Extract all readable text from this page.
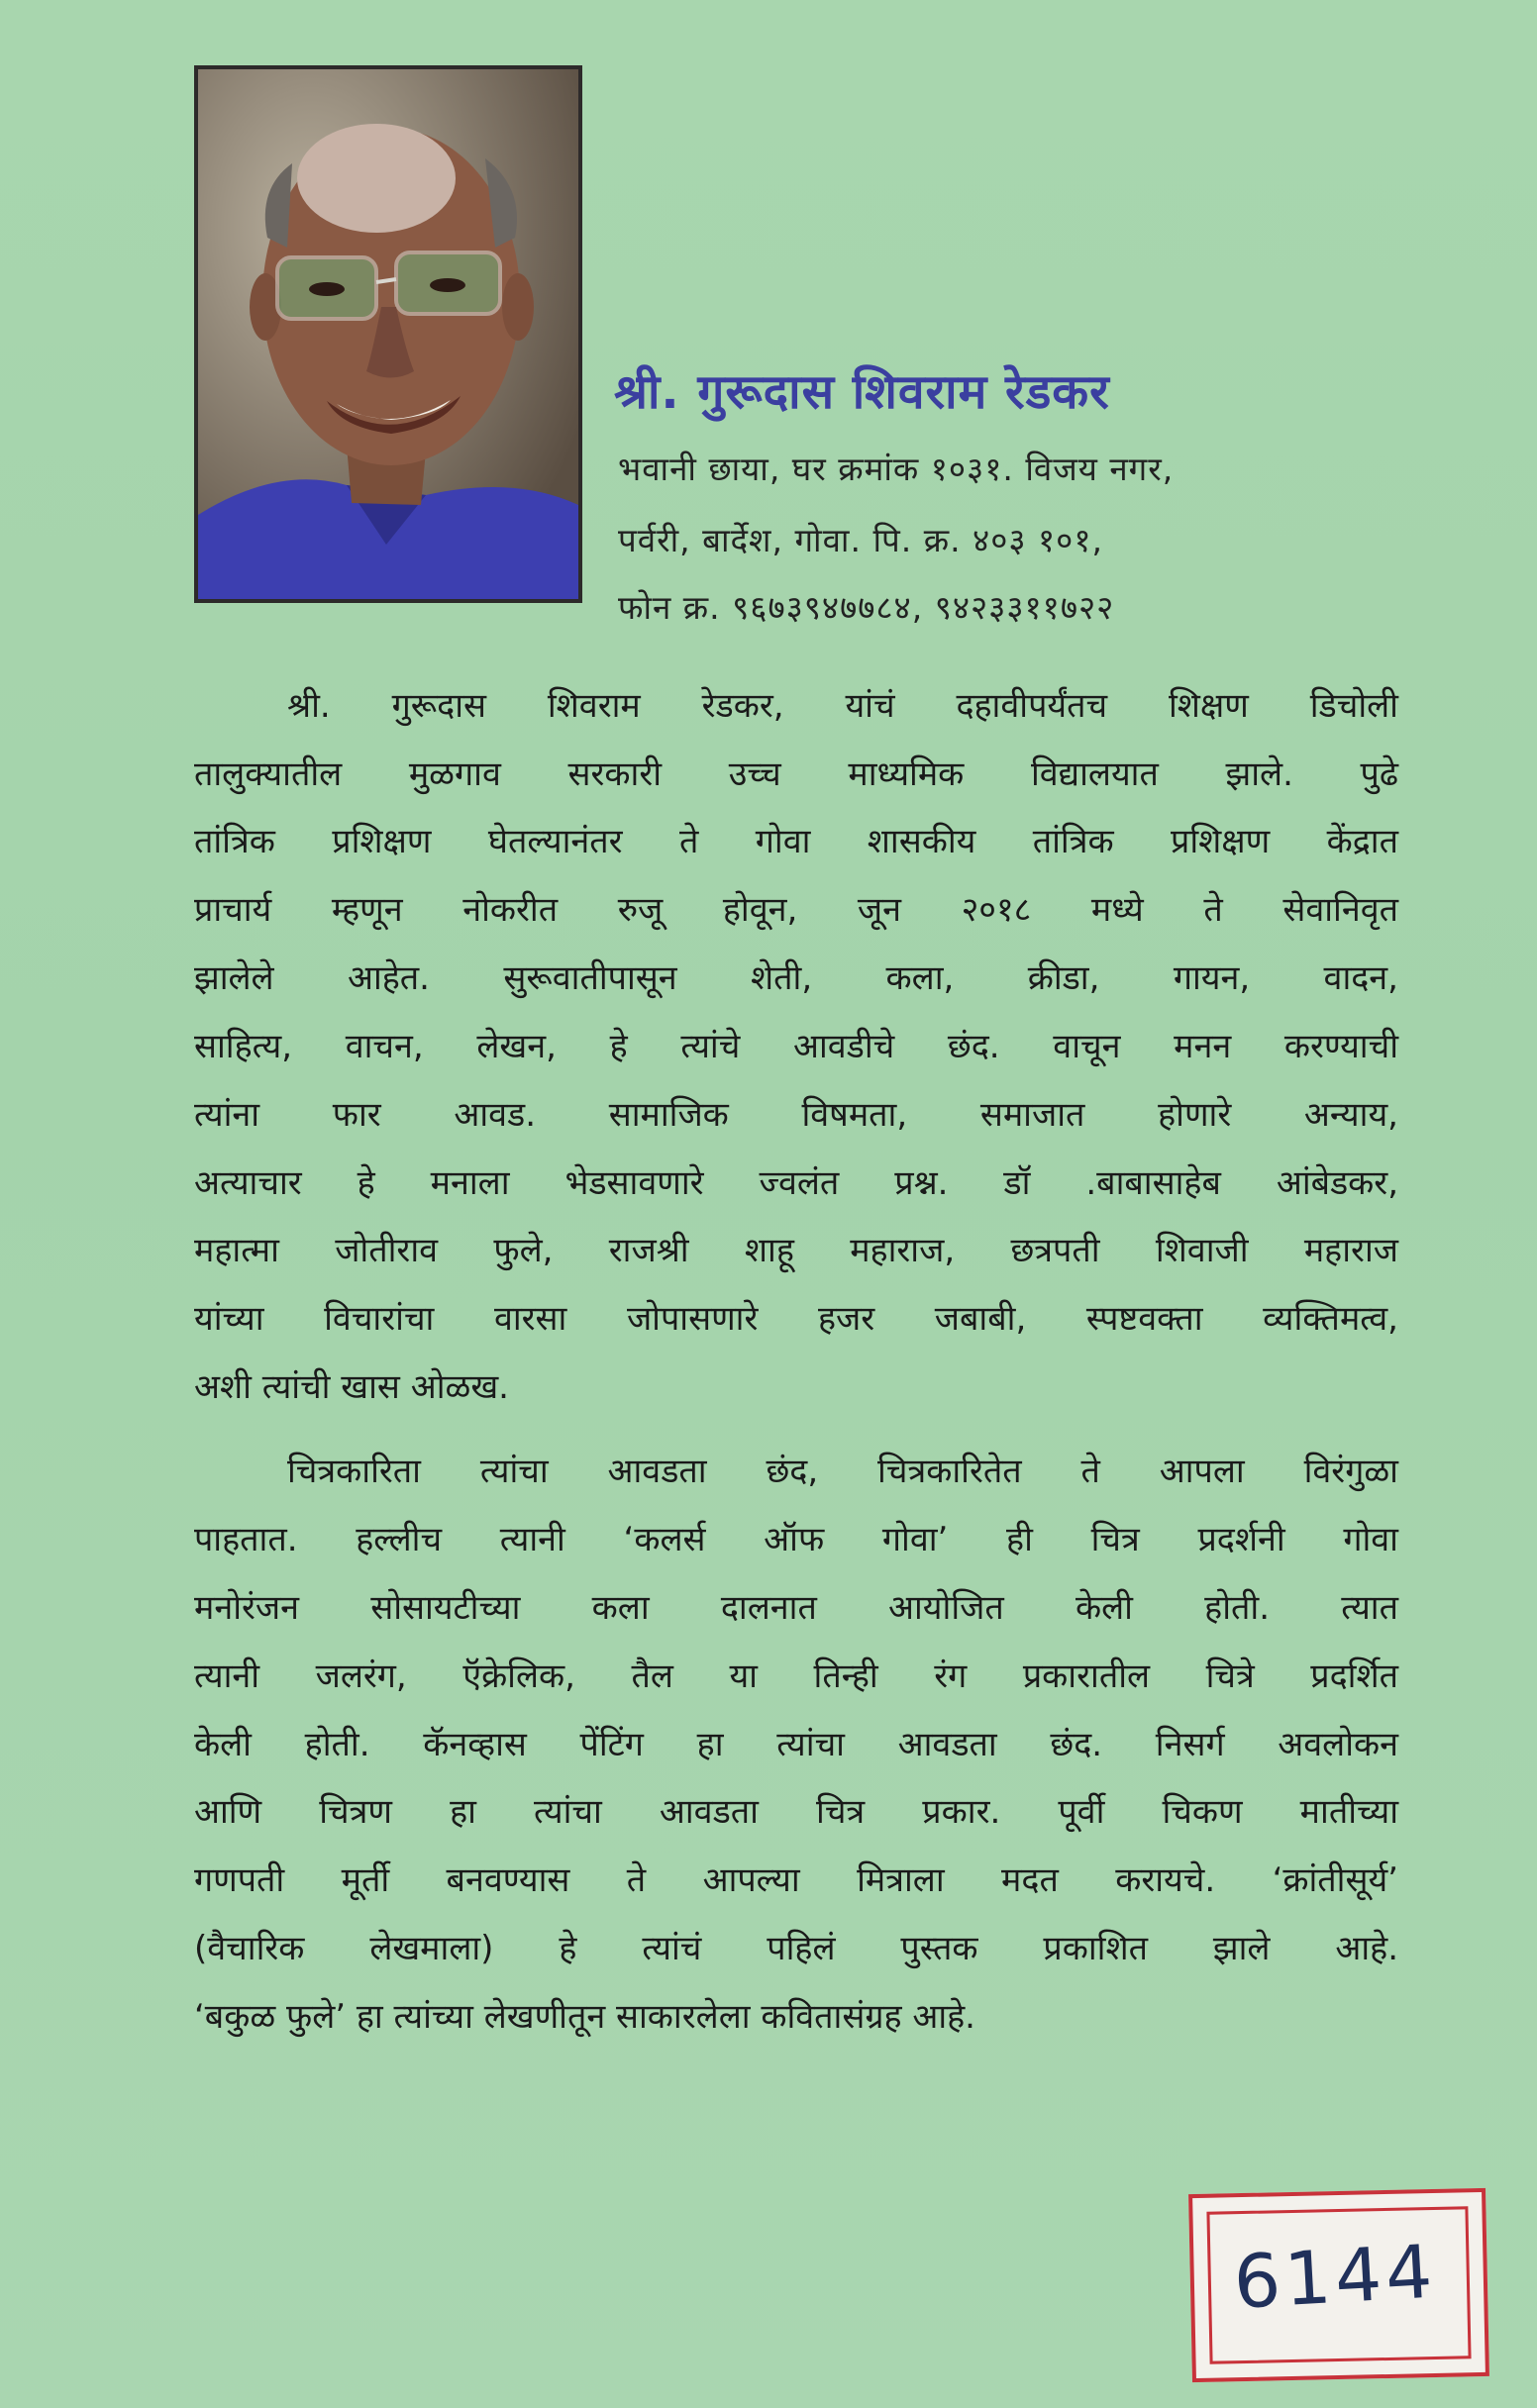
श्री. गुरूदास शिवराम रेडकर
भवानी छाया, घर क्रमांक १०३१. विजय नगर,
पर्वरी, बार्देश, गोवा. पि. क्र. ४०३ १०१,
फोन क्र. ९६७३९४७७८४, ९४२३३११७२२
श्री. गुरूदास शिवराम रेडकर, यांचं दहावीपर्यंतच शिक्षण डिचोली
तालुक्यातील मुळगाव सरकारी उच्च माध्यमिक विद्यालयात झाले. पुढे
तांत्रिक प्रशिक्षण घेतल्यानंतर ते गोवा शासकीय तांत्रिक प्रशिक्षण केंद्रात
प्राचार्य म्हणून नोकरीत रुजू होवून, जून २०१८ मध्ये ते सेवानिवृत
झालेले आहेत. सुरूवातीपासून शेती, कला, क्रीडा, गायन, वादन,
साहित्य, वाचन, लेखन, हे त्यांचे आवडीचे छंद. वाचून मनन करण्याची
त्यांना फार आवड. सामाजिक विषमता, समाजात होणारे अन्याय,
अत्याचार हे मनाला भेडसावणारे ज्वलंत प्रश्न. डॉ .बाबासाहेब आंबेडकर,
महात्मा जोतीराव फुले, राजश्री शाहू महाराज, छत्रपती शिवाजी महाराज
यांच्या विचारांचा वारसा जोपासणारे हजर जबाबी, स्पष्टवक्ता व्यक्तिमत्व,
अशी त्यांची खास ओळख.
चित्रकारिता त्यांचा आवडता छंद, चित्रकारितेत ते आपला विरंगुळा
पाहतात. हल्लीच त्यानी ‘कलर्स ऑफ गोवा’ ही चित्र प्रदर्शनी गोवा
मनोरंजन सोसायटीच्या कला दालनात आयोजित केली होती. त्यात
त्यानी जलरंग, ऍक्रेलिक, तैल या तिन्ही रंग प्रकारातील चित्रे प्रदर्शित
केली होती. कॅनव्हास पेंटिंग हा त्यांचा आवडता छंद. निसर्ग अवलोकन
आणि चित्रण हा त्यांचा आवडता चित्र प्रकार. पूर्वी चिकण मातीच्या
गणपती मूर्ती बनवण्यास ते आपल्या मित्राला मदत करायचे. ‘क्रांतीसूर्य’
(वैचारिक लेखमाला) हे त्यांचं पहिलं पुस्तक प्रकाशित झाले आहे.
‘बकुळ फुले’ हा त्यांच्या लेखणीतून साकारलेला कवितासंग्रह आहे.
6144
